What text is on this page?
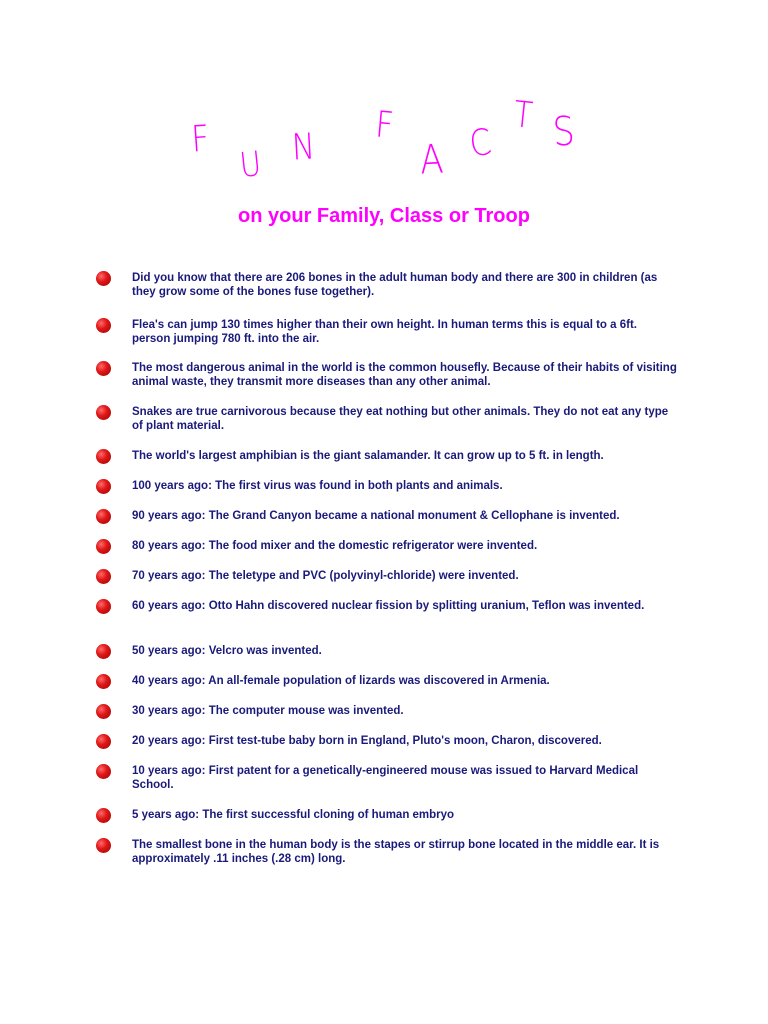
F
U N
F
A C
T S
on your Family, Class or Troop
Did you know that there are 206 bones in the adult human body and there are 300 in children (as they grow some of the bones fuse together).
Flea's can jump 130 times higher than their own height. In human terms this is equal to a 6ft. person jumping 780 ft. into the air.
The most dangerous animal in the world is the common housefly. Because of their habits of visiting animal waste, they transmit more diseases than any other animal.
Snakes are true carnivorous because they eat nothing but other animals. They do not eat any type of plant material.
The world's largest amphibian is the giant salamander. It can grow up to 5 ft. in length.
100 years ago: The first virus was found in both plants and animals.
90 years ago: The Grand Canyon became a national monument & Cellophane is invented.
80 years ago: The food mixer and the domestic refrigerator were invented.
70 years ago: The teletype and PVC (polyvinyl-chloride) were invented.
60 years ago: Otto Hahn discovered nuclear fission by splitting uranium, Teflon was invented.
50 years ago: Velcro was invented.
40 years ago: An all-female population of lizards was discovered in Armenia.
30 years ago: The computer mouse was invented.
20 years ago: First test-tube baby born in England, Pluto's moon, Charon, discovered.
10 years ago: First patent for a genetically-engineered mouse was issued to Harvard Medical School.
5 years ago: The first successful cloning of human embryo
The smallest bone in the human body is the stapes or stirrup bone located in the middle ear. It is approximately .11 inches (.28 cm) long.
